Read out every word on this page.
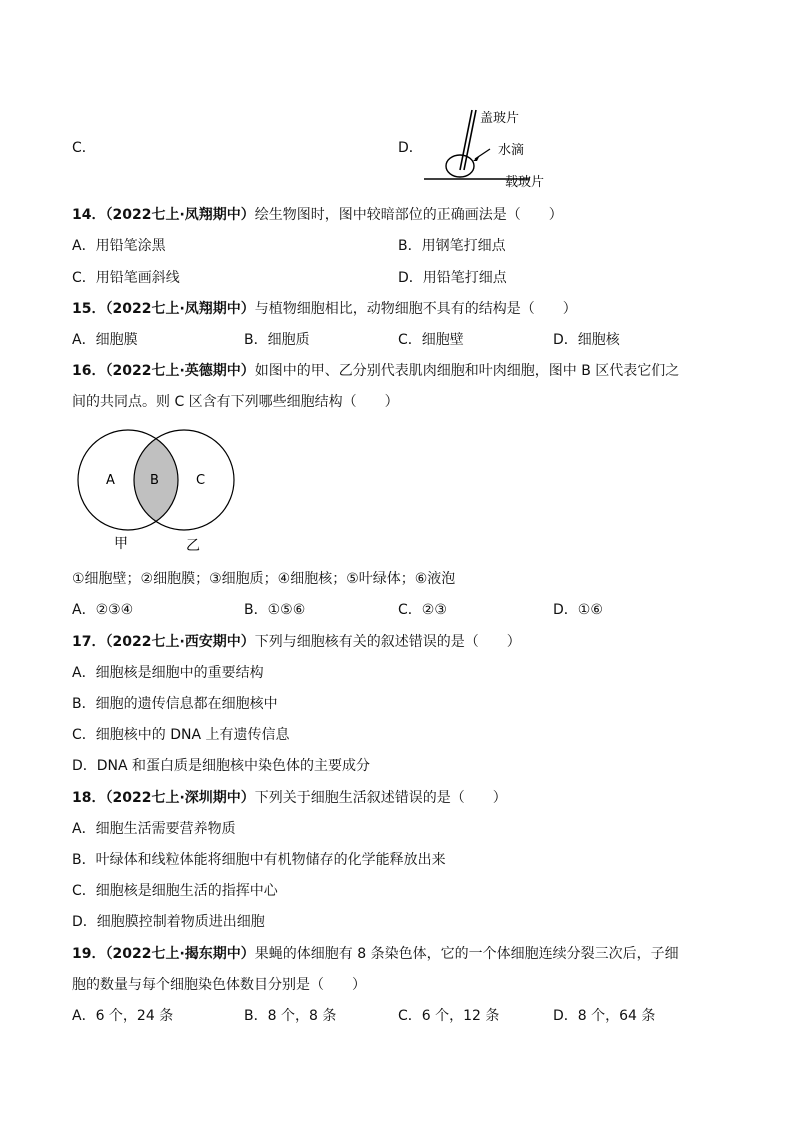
C．	D．
盖玻片
水滴
载玻片
14．（2022七上·凤翔期中）绘生物图时，图中较暗部位的正确画法是（　　）
A．用铅笔涂黑	B．用钢笔打细点
C．用铅笔画斜线	D．用铅笔打细点
15．（2022七上·凤翔期中）与植物细胞相比，动物细胞不具有的结构是（　　）
A．细胞膜	B．细胞质	C．细胞壁	D．细胞核
16．（2022七上·英德期中）如图中的甲、乙分别代表肌肉细胞和叶肉细胞，图中 B 区代表它们之
间的共同点。则 C 区含有下列哪些细胞结构（　　）
A	B	C
甲	乙
①细胞壁；②细胞膜；③细胞质；④细胞核；⑤叶绿体；⑥液泡
A．②③④	B．①⑤⑥	C．②③	D．①⑥
17．（2022七上·西安期中）下列与细胞核有关的叙述错误的是（　　）
A．细胞核是细胞中的重要结构
B．细胞的遗传信息都在细胞核中
C．细胞核中的 DNA 上有遗传信息
D．DNA 和蛋白质是细胞核中染色体的主要成分
18．（2022七上·深圳期中）下列关于细胞生活叙述错误的是（　　）
A．细胞生活需要营养物质
B．叶绿体和线粒体能将细胞中有机物储存的化学能释放出来
C．细胞核是细胞生活的指挥中心
D．细胞膜控制着物质进出细胞
19．（2022七上·揭东期中）果蝇的体细胞有 8 条染色体，它的一个体细胞连续分裂三次后，子细
胞的数量与每个细胞染色体数目分别是（　　）
A．6 个，24 条	B．8 个，8 条	C．6 个，12 条	D．8 个，64 条
